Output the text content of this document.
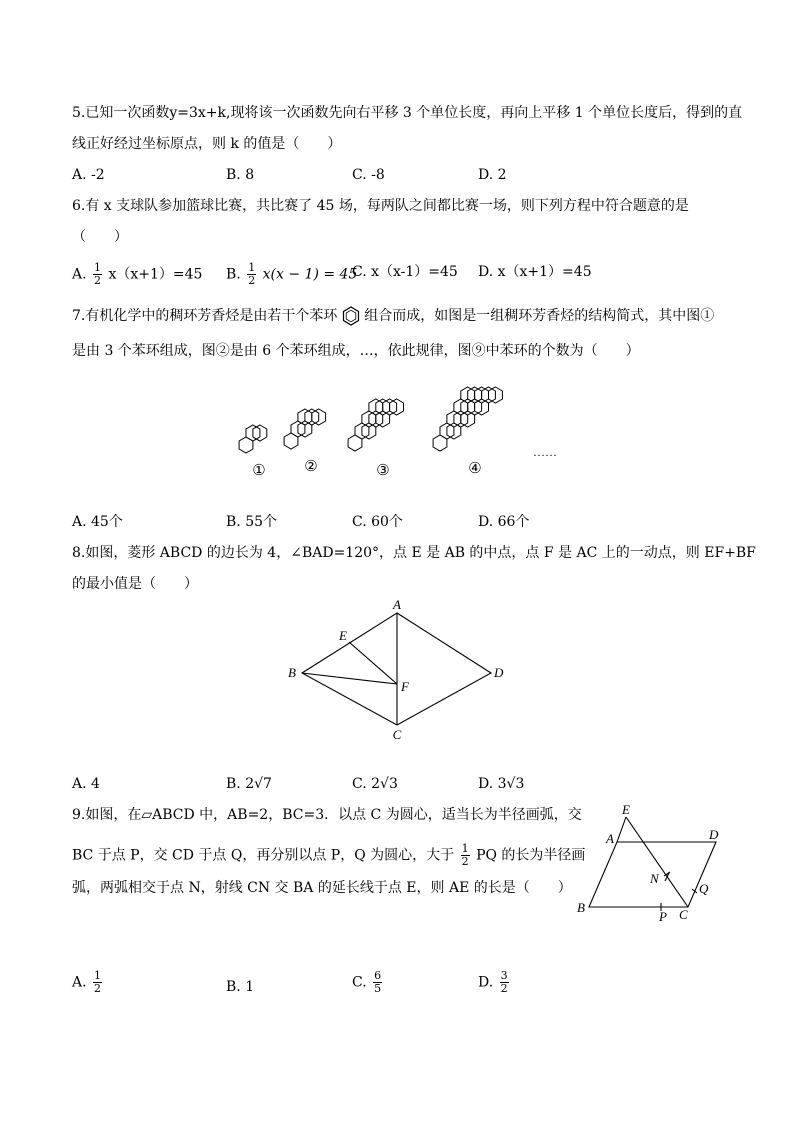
5.已知一次函数y=3x+k,现将该一次函数先向右平移 3 个单位长度，再向上平移 1 个单位长度后，得到的直
线正好经过坐标原点，则 k 的值是（　　）
A. -2	B. 8	C. -8	D. 2
6.有 x 支球队参加篮球比赛，共比赛了 45 场，每两队之间都比赛一场，则下列方程中符合题意的是
（　　）
A. $\frac{1}{2} x(x+1)=45$ B. $\frac{1}{2} x(x - 1) = 45$
C. x（x-1）=45 D. x（x+1）=45
7.有机化学中的稠环芳香烃是由若干个苯环 组合而成，如图是一组稠环芳香烃的结构简式，其中图①
是由 3 个苯环组成，图②是由 6 个苯环组成，…，依此规律，图⑨中苯环的个数为（　　）
①	②	③	④
……
A. 45个	B. 55个	C. 60个	D. 66个
8.如图，菱形 ABCD 的边长为 4，∠BAD=120°，点 E 是 AB 的中点，点 F 是 AC 上的一动点，则 EF+BF
的最小值是（　　）
A
B
C
D
E
F
A. 4	B. 2√7	C. 2√3	D. 3√3
9.如图，在▱ABCD 中，AB=2，BC=3．以点 C 为圆心，适当长为半径画弧，交
BC 于点 P，交 CD 于点 Q，再分别以点 P，Q 为圆心，大于 $\frac{1}{2}$ PQ 的长为半径画
弧，两弧相交于点 N，射线 CN 交 BA 的延长线于点 E，则 AE 的长是（　　）
E
A	D
N
Q
B
P C
A. $\frac{1}{2}$	B. 1	C. $\frac{6}{5}$	D. $\frac{3}{2}$
